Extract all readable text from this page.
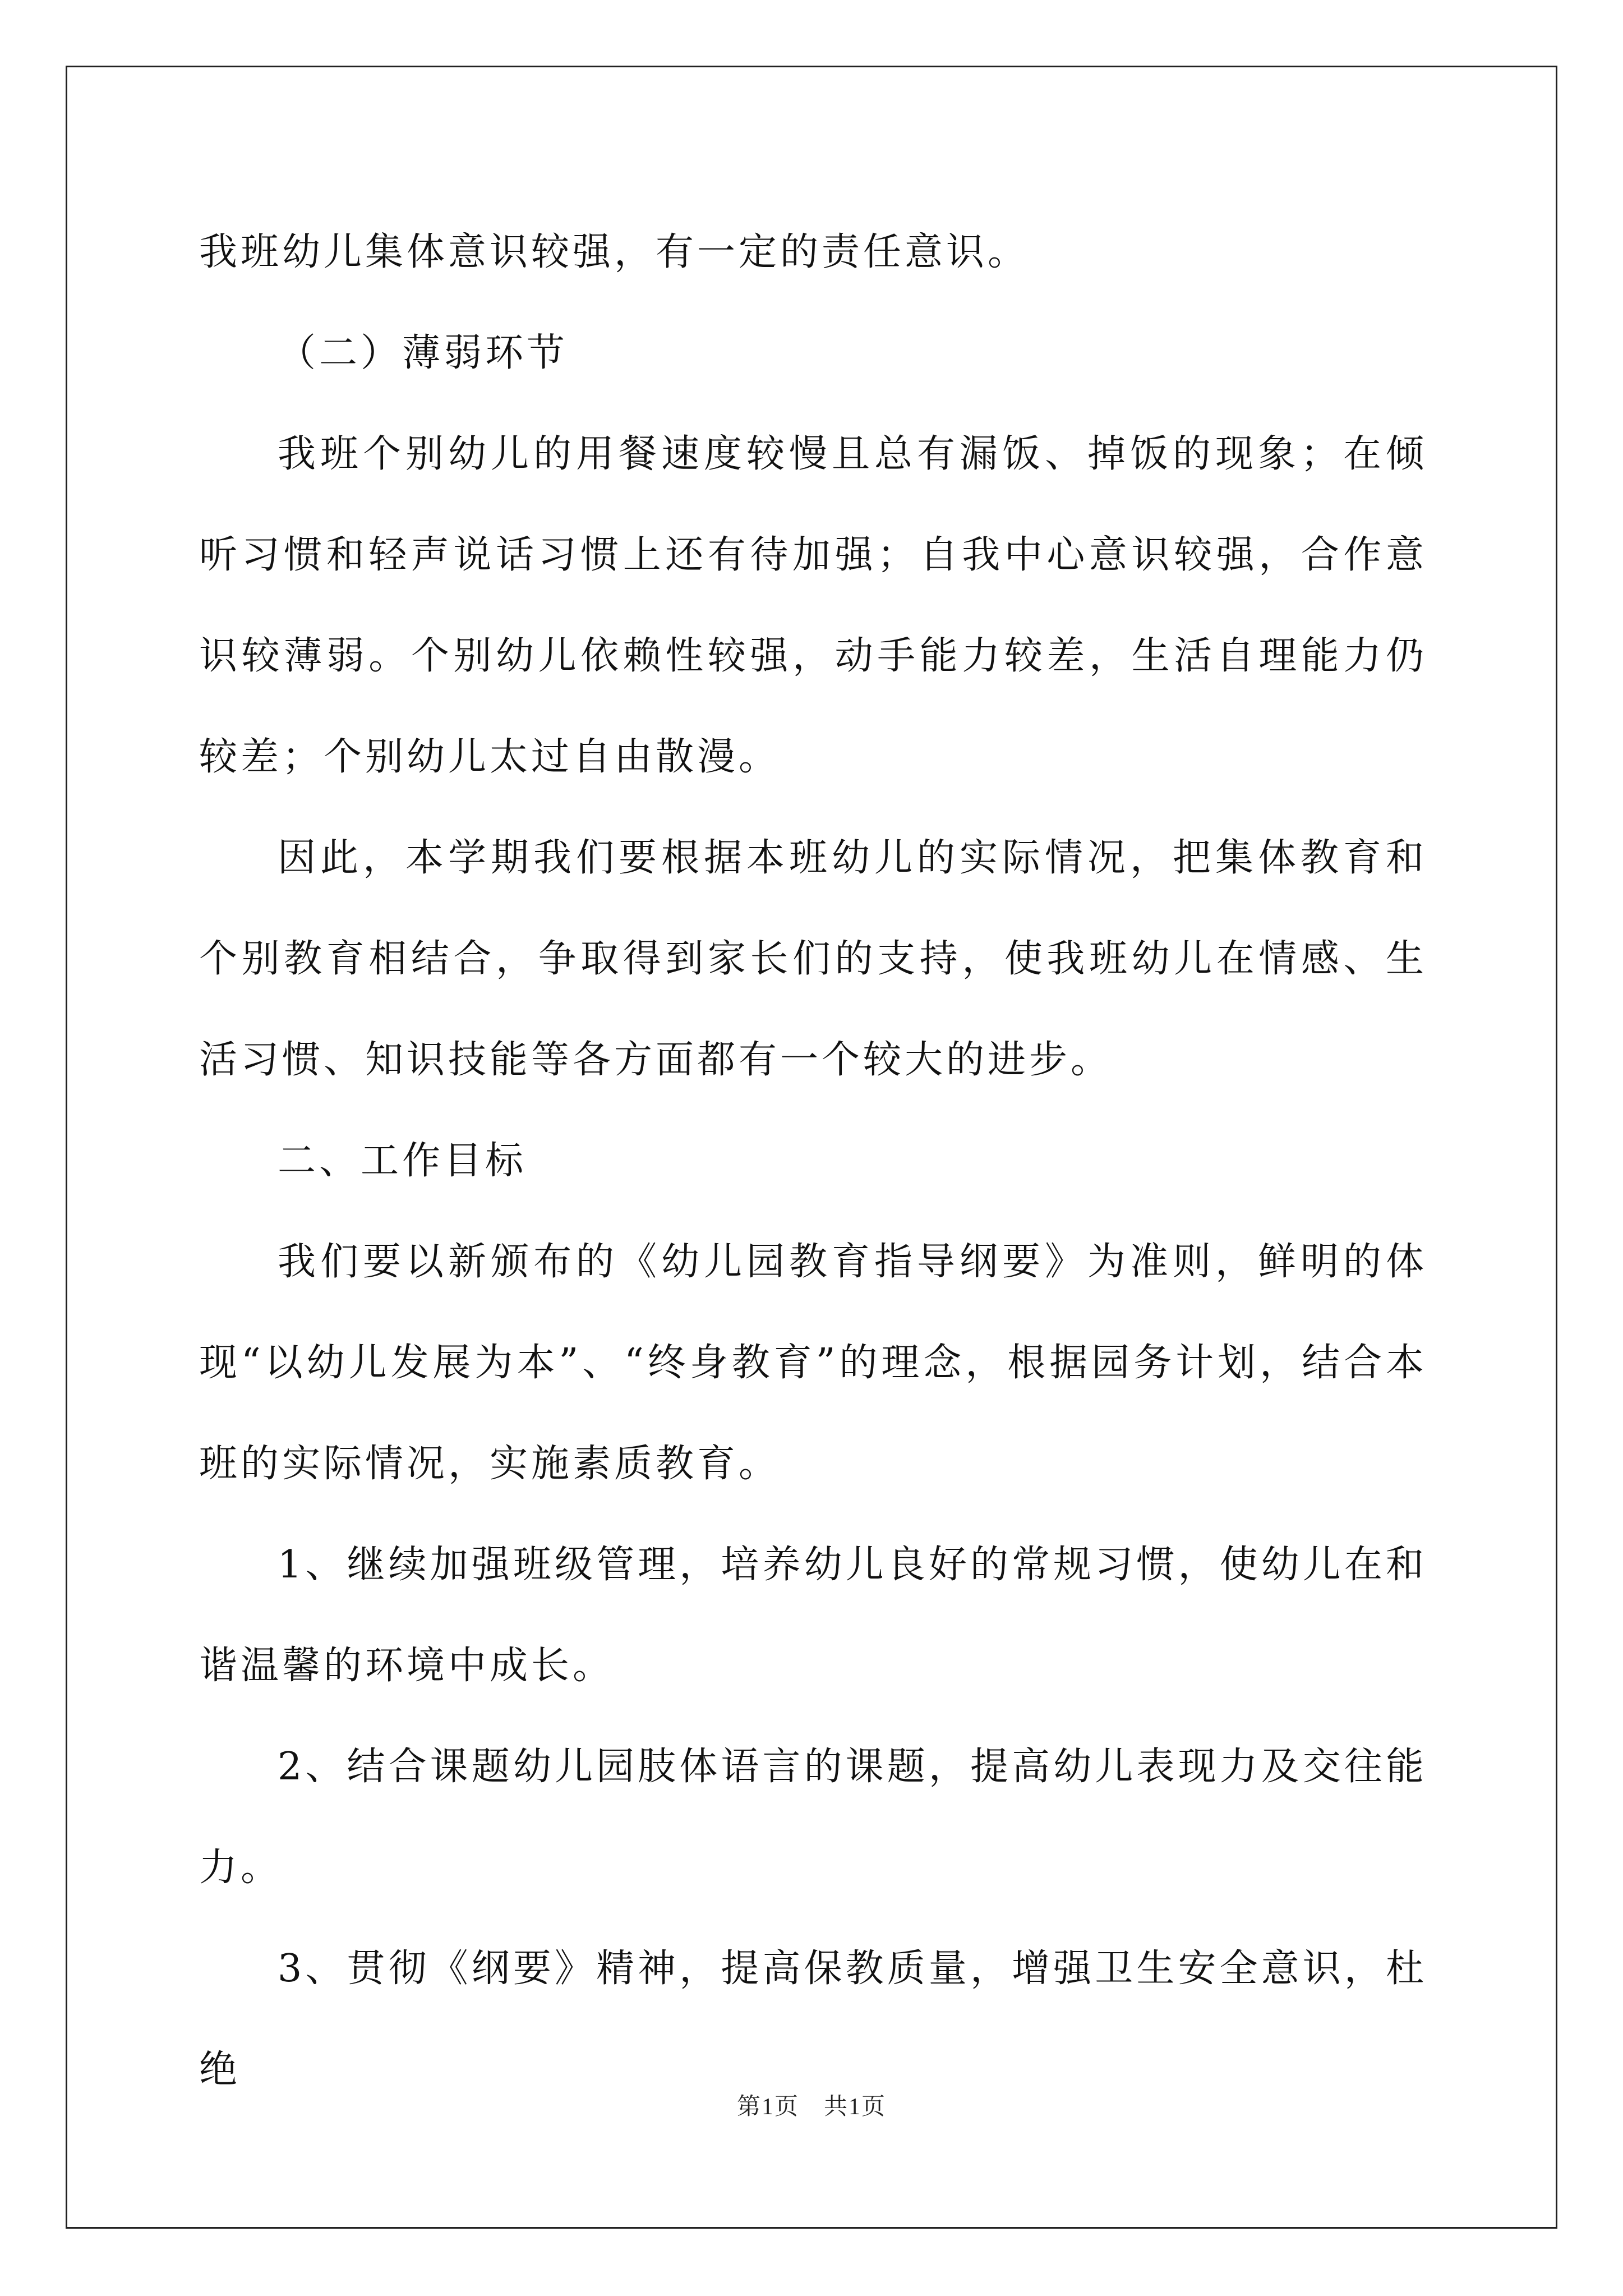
我班幼儿集体意识较强，有一定的责任意识。

（二）薄弱环节

我班个别幼儿的用餐速度较慢且总有漏饭、掉饭的现象；在倾听习惯和轻声说话习惯上还有待加强；自我中心意识较强，合作意识较薄弱。个别幼儿依赖性较强，动手能力较差，生活自理能力仍较差；个别幼儿太过自由散漫。

因此，本学期我们要根据本班幼儿的实际情况，把集体教育和个别教育相结合，争取得到家长们的支持，使我班幼儿在情感、生活习惯、知识技能等各方面都有一个较大的进步。

二、工作目标

我们要以新颁布的《幼儿园教育指导纲要》为准则，鲜明的体现“以幼儿发展为本”、“终身教育”的理念，根据园务计划，结合本班的实际情况，实施素质教育。

1、继续加强班级管理，培养幼儿良好的常规习惯，使幼儿在和谐温馨的环境中成长。

2、结合课题幼儿园肢体语言的课题，提高幼儿表现力及交往能力。

3、贯彻《纲要》精神，提高保教质量，增强卫生安全意识，杜绝

第1页　共1页
